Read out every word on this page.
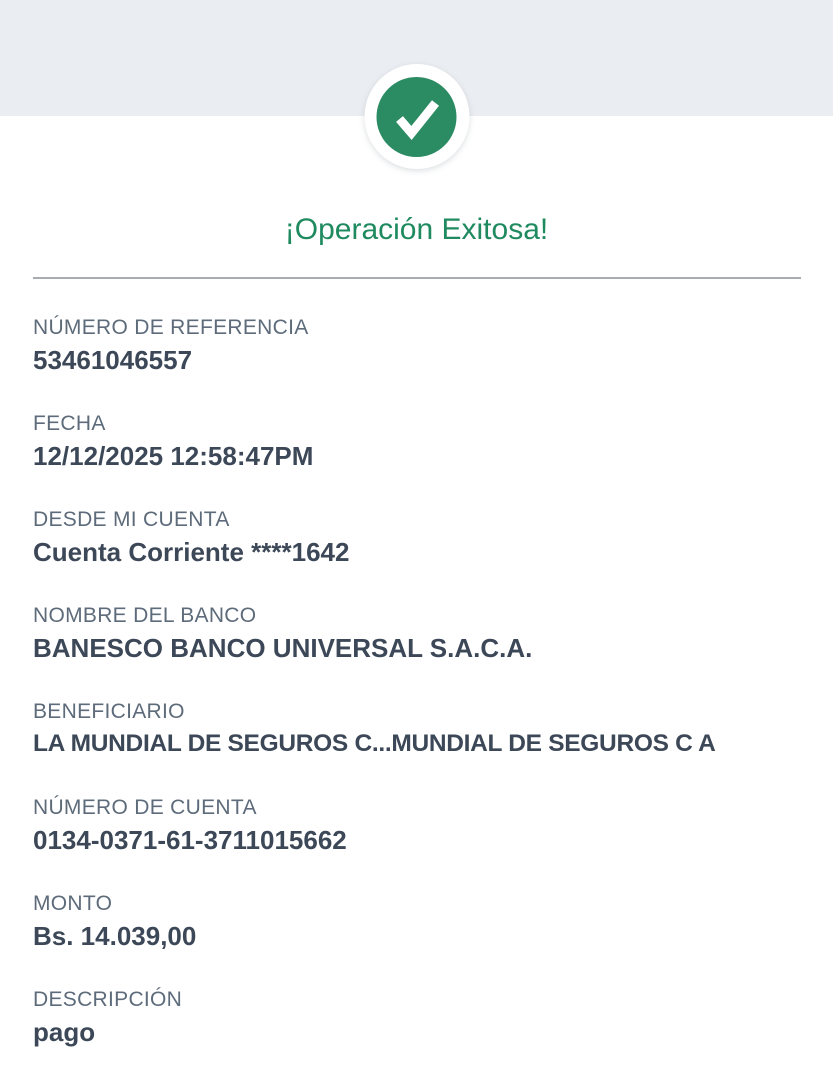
¡Operación Exitosa!
NÚMERO DE REFERENCIA
53461046557
FECHA
12/12/2025 12:58:47PM
DESDE MI CUENTA
Cuenta Corriente ****1642
NOMBRE DEL BANCO
BANESCO BANCO UNIVERSAL S.A.C.A.
BENEFICIARIO
LA MUNDIAL DE SEGUROS C...MUNDIAL DE SEGUROS C A
NÚMERO DE CUENTA
0134-0371-61-3711015662
MONTO
Bs. 14.039,00
DESCRIPCIÓN
pago
